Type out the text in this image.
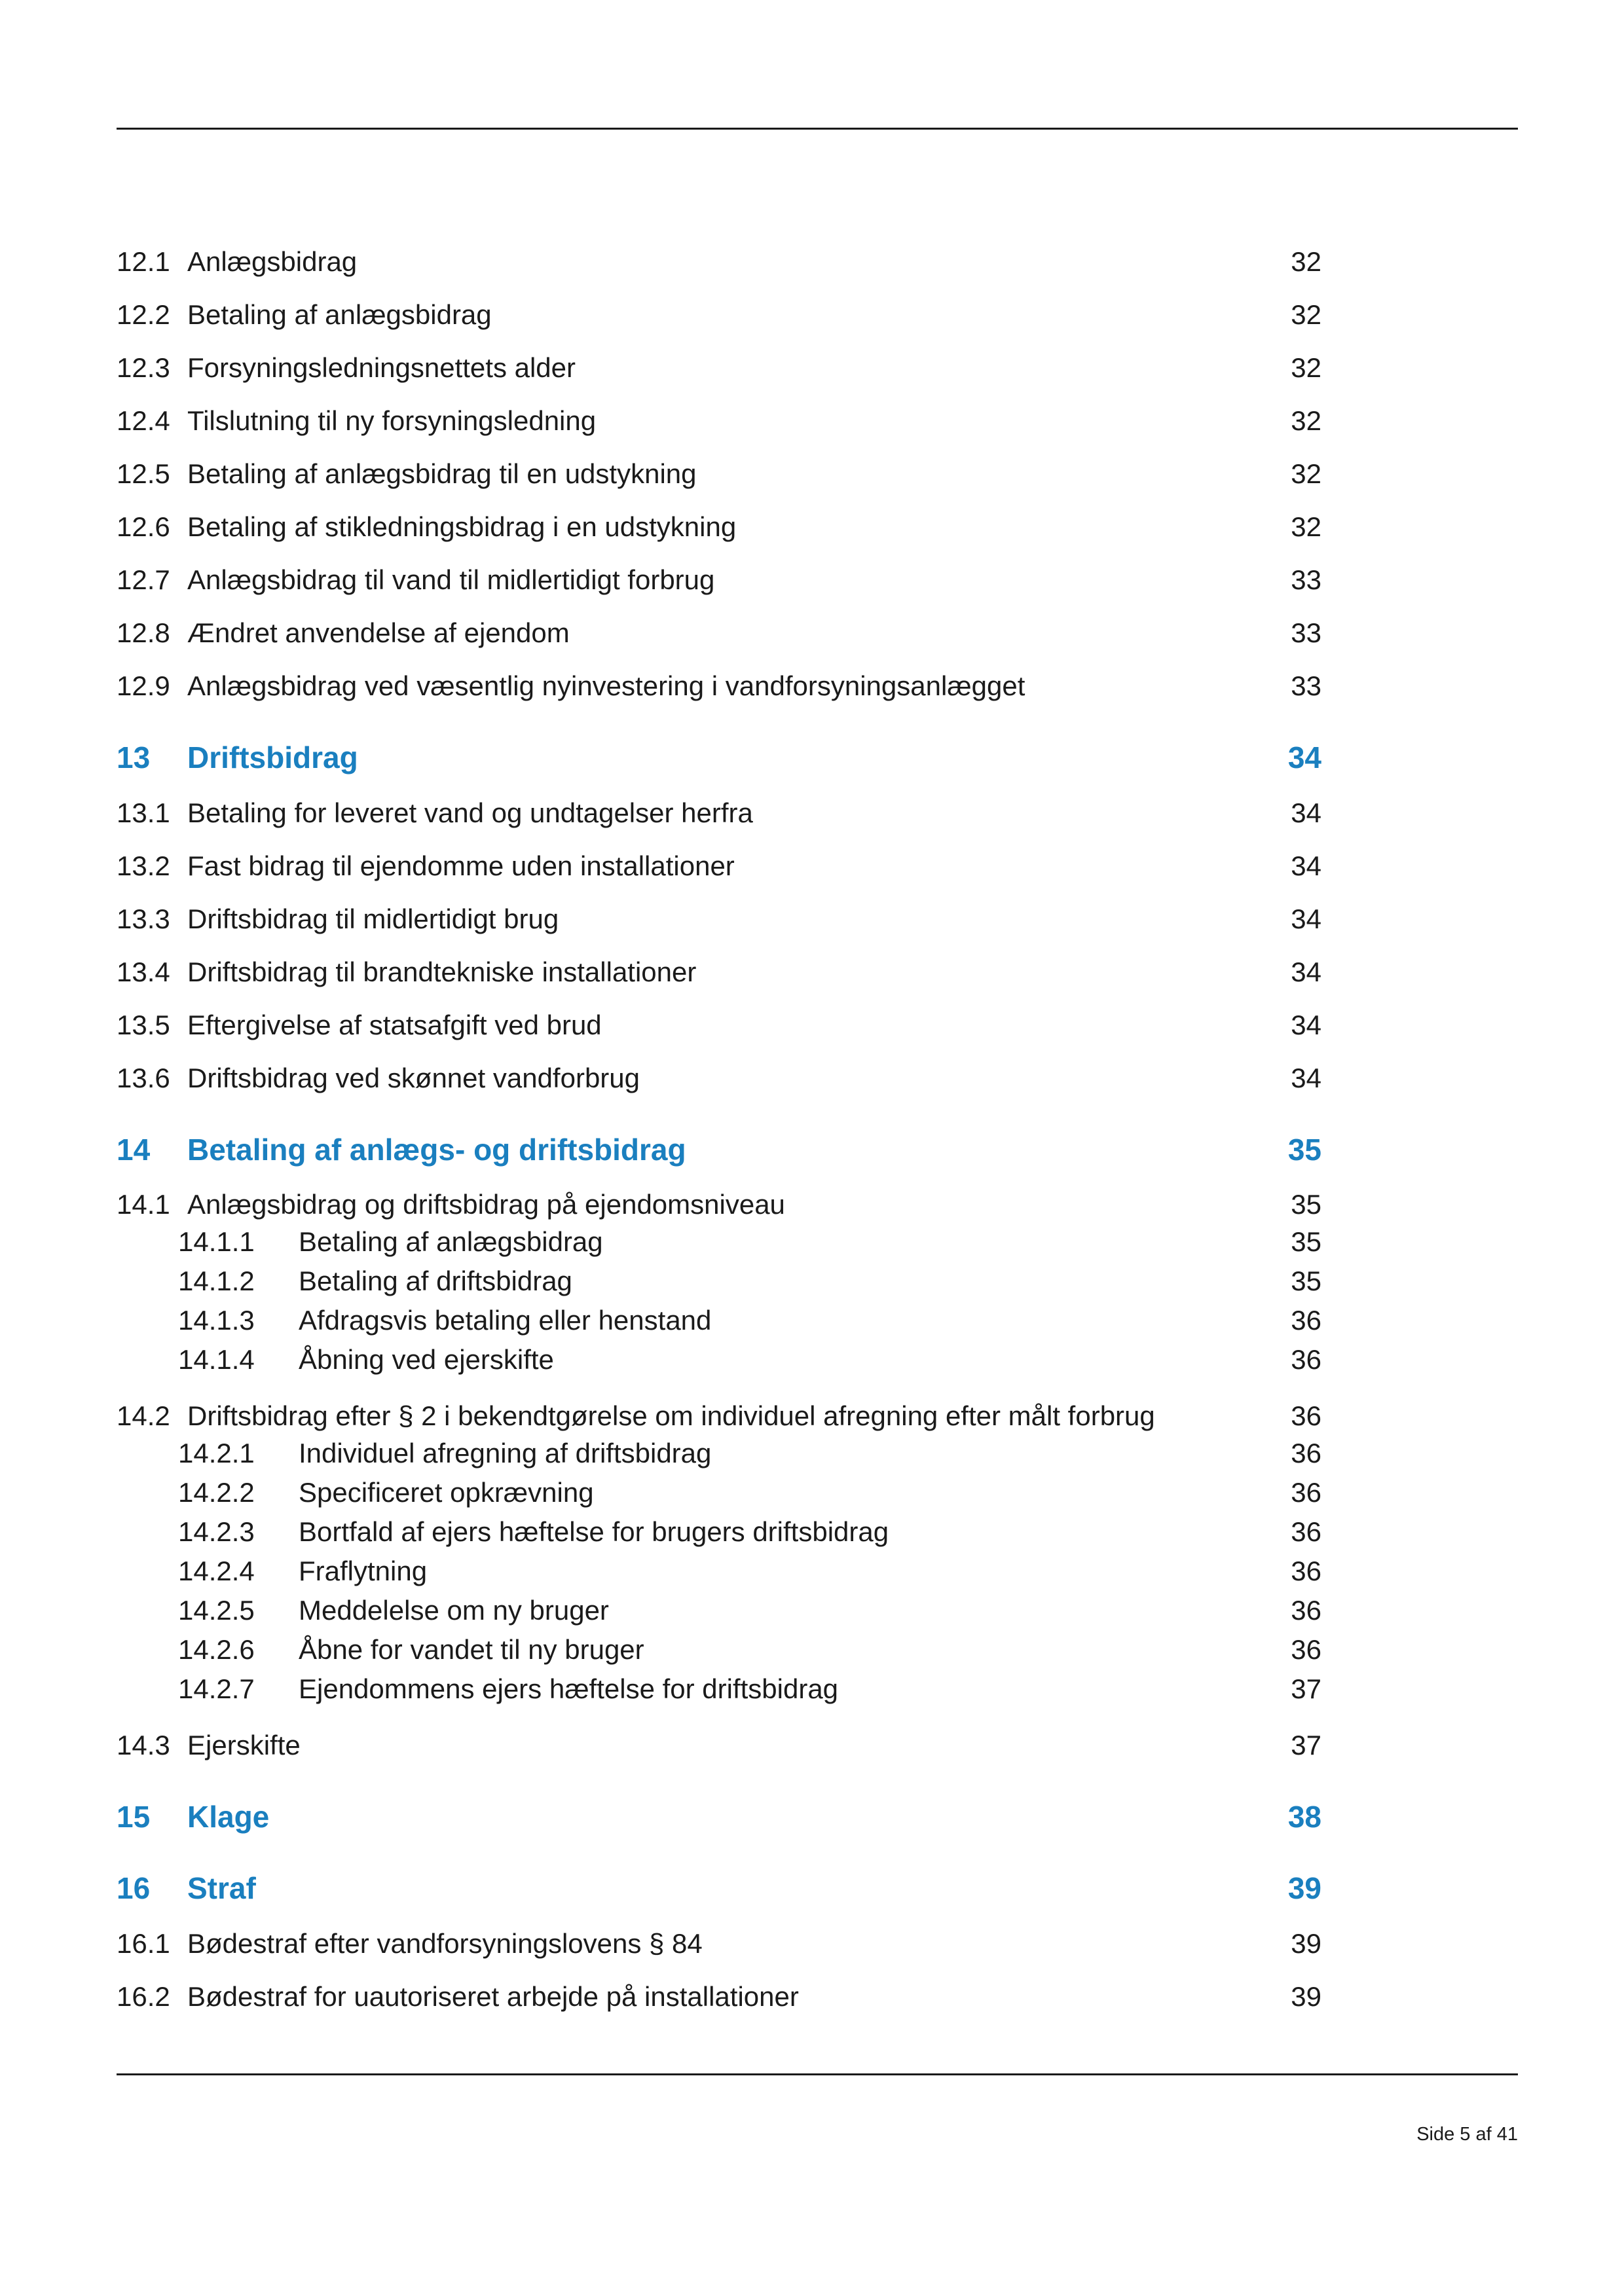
12.1 Anlægsbidrag	32
12.2 Betaling af anlægsbidrag	32
12.3 Forsyningsledningsnettets alder	32
12.4 Tilslutning til ny forsyningsledning	32
12.5 Betaling af anlægsbidrag til en udstykning	32
12.6 Betaling af stikledningsbidrag i en udstykning	32
12.7 Anlægsbidrag til vand til midlertidigt forbrug	33
12.8 Ændret anvendelse af ejendom	33
12.9 Anlægsbidrag ved væsentlig nyinvestering i vandforsyningsanlægget	33
13 Driftsbidrag	34
13.1 Betaling for leveret vand og undtagelser herfra	34
13.2 Fast bidrag til ejendomme uden installationer	34
13.3 Driftsbidrag til midlertidigt brug	34
13.4 Driftsbidrag til brandtekniske installationer	34
13.5 Eftergivelse af statsafgift ved brud	34
13.6 Driftsbidrag ved skønnet vandforbrug	34
14 Betaling af anlægs- og driftsbidrag	35
14.1 Anlægsbidrag og driftsbidrag på ejendomsniveau	35
14.1.1 Betaling af anlægsbidrag	35
14.1.2 Betaling af driftsbidrag	35
14.1.3 Afdragsvis betaling eller henstand	36
14.1.4 Åbning ved ejerskifte	36
14.2 Driftsbidrag efter § 2 i bekendtgørelse om individuel afregning efter målt forbrug	36
14.2.1 Individuel afregning af driftsbidrag	36
14.2.2 Specificeret opkrævning	36
14.2.3 Bortfald af ejers hæftelse for brugers driftsbidrag	36
14.2.4 Fraflytning	36
14.2.5 Meddelelse om ny bruger	36
14.2.6 Åbne for vandet til ny bruger	36
14.2.7 Ejendommens ejers hæftelse for driftsbidrag	37
14.3 Ejerskifte	37
15 Klage	38
16 Straf	39
16.1 Bødestraf efter vandforsyningslovens § 84	39
16.2 Bødestraf for uautoriseret arbejde på installationer	39
Side 5 af 41
